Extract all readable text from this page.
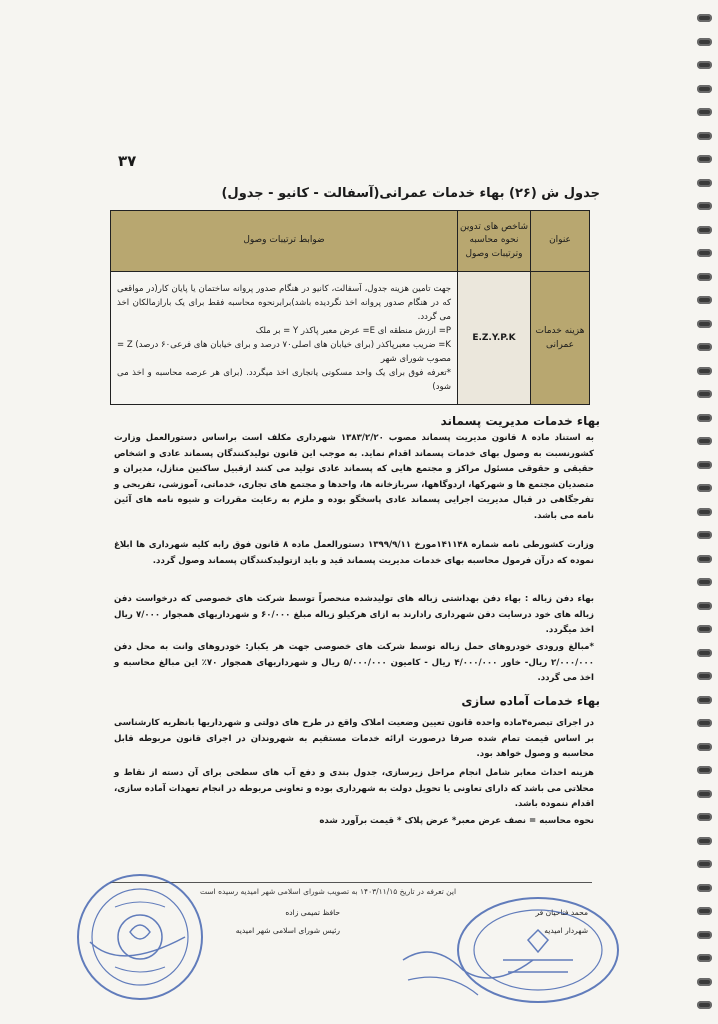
۳۷
جدول ش (۲۶) بهاء خدمات عمرانی(آسفالت - کانیو - جدول)
عنوان	شاخص های تدوین نحوه محاسبه وترتیبات وصول	ضوابط ترتیبات وصول
هزینه خدمات عمرانی	E.Z.Y.P.K	جهت تامین هزینه جدول، آسفالت، کانیو در هنگام صدور پروانه ساختمان یا پایان کار(در مواقعی که در هنگام صدور پروانه اخذ نگردیده باشد)برابرنحوه محاسبه فقط برای یک بارازمالکان اخذ می گردد.

P= ارزش منطقه ای E= عرض معبر پاکذر Y = بر ملک

K= ضریب معبرپاکذر (برای خیابان های اصلی۷۰ درصد و برای خیابان های فرعی۶۰ درصد) Z = مصوب شورای شهر

*تعرفه فوق برای یک واحد مسکونی یانجاری اخذ میگردد. (برای هر عرصه محاسبه و اخذ می شود)

بهاء خدمات مدیریت پسماند

به استناد ماده ۸ قانون مدیریت پسماند مصوب ۱۳۸۳/۲/۲۰ شهرداری مکلف است براساس دستورالعمل وزارت کشورنسبت به وصول بهای خدمات پسماند اقدام نماید. به موجب این قانون تولیدکنندگان پسماند عادی و اشخاص حقیقی و حقوقی مسئول مراکز و مجتمع هایی که پسماند عادی تولید می کنند ازقبیل ساکنین منازل، مدیران و متصدیان مجتمع ها و شهرکها، اردوگاهها، سربازخانه ها، واحدها و مجتمع های تجاری، خدماتی، آموزشی، تفریحی و تفرجگاهی در قبال مدیریت اجرایی پسماند عادی پاسخگو بوده و ملزم به رعایت مقررات و شیوه نامه های آئین نامه می باشد.

وزارت کشورطی نامه شماره ۱۴۱۱۴۸مورخ ۱۳۹۹/۹/۱۱ دستورالعمل ماده ۸ قانون فوق رابه کلیه شهرداری ها ابلاغ نموده که درآن فرمول محاسبه بهای خدمات مدیریت پسماند قید و باید ازتولیدکنندگان پسماند وصول گردد.

بهاء دفن زباله : بهاء دفن بهداشتی زباله های تولیدشده منحصراً توسط شرکت های خصوصی که درخواست دفن زباله های خود درسایت دفن شهرداری رادارند به ازای هرکیلو زباله مبلغ ۶۰/۰۰۰ و شهرداریهای همجوار ۷/۰۰۰ ریال اخذ میگردد.

*مبالغ ورودی خودروهای حمل زباله توسط شرکت های خصوصی جهت هر یکبار: خودروهای وانت به محل دفن ۲/۰۰۰/۰۰۰ ریال- خاور ۴/۰۰۰/۰۰۰ ریال - کامیون ۵/۰۰۰/۰۰۰ ریال و شهرداریهای همجوار ۷۰٪ این مبالغ محاسبه و اخذ می گردد.

بهاء خدمات آماده سازی

در اجرای تبصره۴ماده واحده قانون تعیین وضعیت املاک واقع در طرح های دولتی و شهرداریها بانظریه کارشناسی بر اساس قیمت تمام شده صرفا درصورت ارائه خدمات مستقیم به شهروندان در اجرای قانون مربوطه قابل محاسبه و وصول خواهد بود.

هزینه احداث معابر شامل انجام مراحل زیرسازی، جدول بندی و دفع آب های سطحی برای آن دسته از نقاط و محلاتی می باشد که دارای تعاونی یا تحویل دولت به شهرداری بوده و تعاونی مربوطه در انجام تعهدات آماده سازی، اقدام ننموده باشد.

نحوه محاسبه = نصف عرض معبر* عرض پلاک * قیمت برآورد شده

این تعرفه در تاریخ ۱۴۰۳/۱۱/۱۵ به تصویب شورای اسلامی شهر امیدیه رسیده است
حافظ تمیمی زاده
رئیس شورای اسلامی شهر امیدیه
محمد فتاحیان فر
شهردار امیدیه
